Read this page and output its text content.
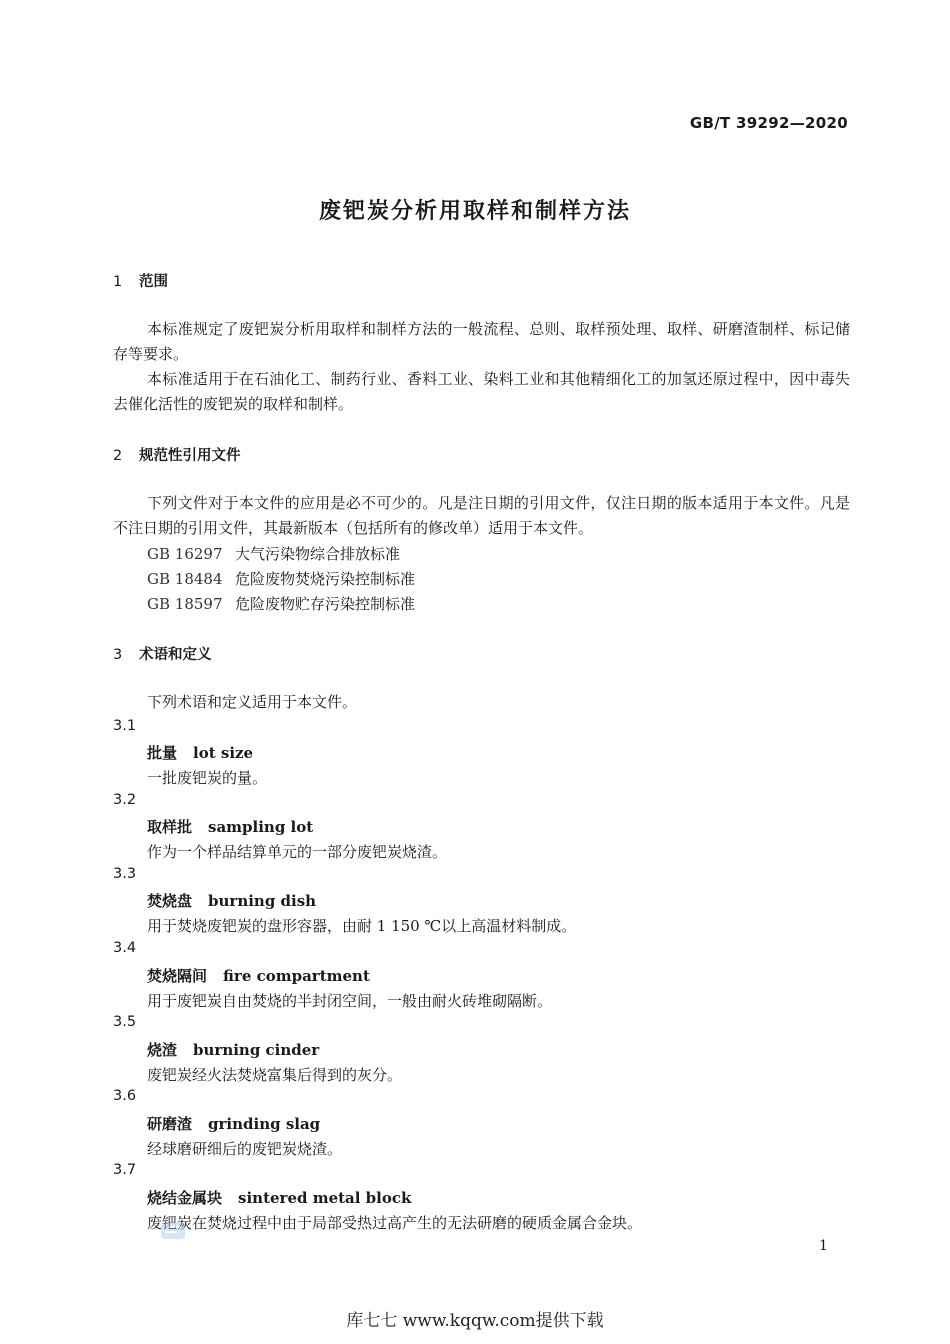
GB/T 39292—2020
废钯炭分析用取样和制样方法
1 范围
本标准规定了废钯炭分析用取样和制样方法的一般流程、总则、取样预处理、取样、研磨渣制样、标记储存等要求。
本标准适用于在石油化工、制药行业、香料工业、染料工业和其他精细化工的加氢还原过程中，因中毒失去催化活性的废钯炭的取样和制样。
2 规范性引用文件
下列文件对于本文件的应用是必不可少的。凡是注日期的引用文件，仅注日期的版本适用于本文件。凡是不注日期的引用文件，其最新版本（包括所有的修改单）适用于本文件。
GB 16297 大气污染物综合排放标准
GB 18484 危险废物焚烧污染控制标准
GB 18597 危险废物贮存污染控制标准
3 术语和定义
下列术语和定义适用于本文件。
3.1
批量 lot size
一批废钯炭的量。
3.2
取样批 sampling lot
作为一个样品结算单元的一部分废钯炭烧渣。
3.3
焚烧盘 burning dish
用于焚烧废钯炭的盘形容器，由耐 1 150 ℃以上高温材料制成。
3.4
焚烧隔间 fire compartment
用于废钯炭自由焚烧的半封闭空间，一般由耐火砖堆砌隔断。
3.5
烧渣 burning cinder
废钯炭经火法焚烧富集后得到的灰分。
3.6
研磨渣 grinding slag
经球磨研细后的废钯炭烧渣。
3.7
烧结金属块 sintered metal block
废钯炭在焚烧过程中由于局部受热过高产生的无法研磨的硬质金属合金块。
1
库七七 www.kqqw.com提供下载
